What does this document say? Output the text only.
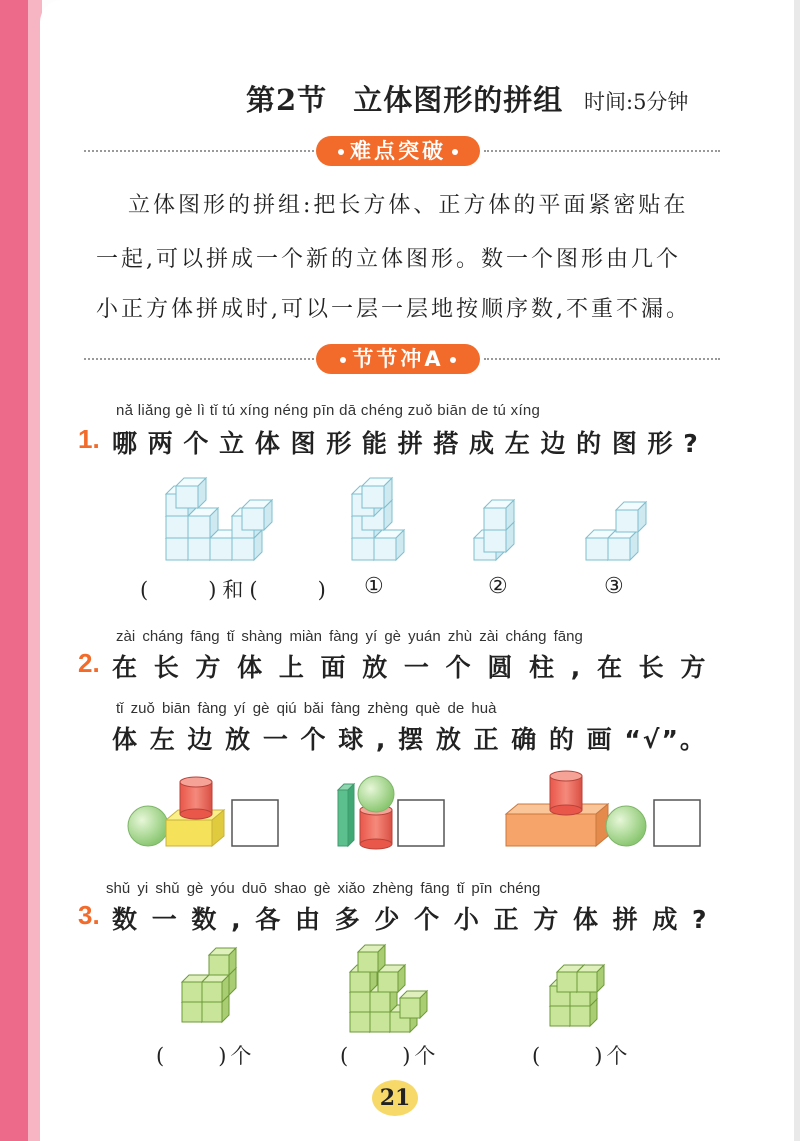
第2节 立体图形的拼组 时间:5分钟
难点突破
立体图形的拼组:把长方体、正方体的平面紧密贴在
一起,可以拼成一个新的立体图形。数一个图形由几个
小正方体拼成时,可以一层一层地按顺序数,不重不漏。
节节冲A
nǎ liǎng gè lì tǐ tú xíng néng pīn dā chéng zuǒ biān de tú xíng
1. 哪 两 个 立 体 图 形 能 拼 搭 成 左 边 的 图 形 ?
(　　)和(　　) ①	②	③
zài cháng fāng tǐ shàng miàn fàng yí gè yuán zhù zài cháng fāng
2. 在 长 方 体 上 面 放 一 个 圆 柱 , 在 长 方
tǐ zuǒ biān fàng yí gè qiú bǎi fàng zhèng què de huà
体 左 边 放 一 个 球 , 摆 放 正 确 的 画 “√”。
shǔ yi shǔ gè yóu duō shao gè xiǎo zhèng fāng tǐ pīn chéng
3. 数 一 数 , 各 由 多 少 个 小 正 方 体 拼 成 ?
(　　)个	(　　)个	(　　)个
21
